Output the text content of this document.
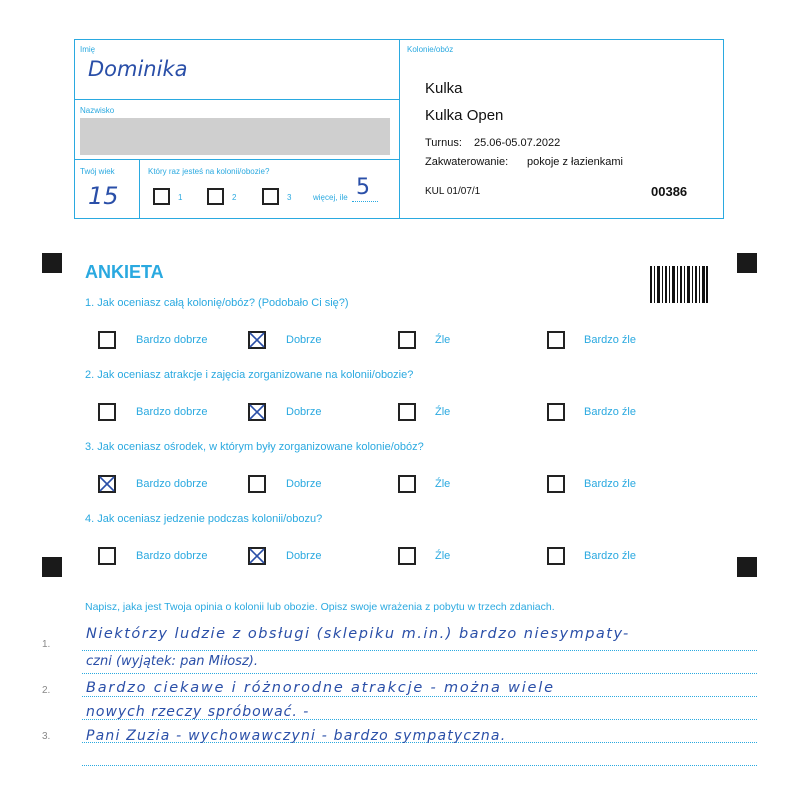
Imię
Dominika
Nazwisko
Twój wiek
15
Który raz jesteś na kolonii/obozie?
1	2	3	więcej, ile 5
Kolonie/obóz
Kulka
Kulka Open
Turnus: 25.06-05.07.2022
Zakwaterowanie: pokoje z łazienkami
KUL 01/07/1	00386
ANKIETA
1. Jak oceniasz całą kolonię/obóz? (Podobało Ci się?)
Bardzo dobrze	Dobrze	Źle	Bardzo źle
2. Jak oceniasz atrakcje i zajęcia zorganizowane na kolonii/obozie?
Bardzo dobrze	Dobrze	Źle	Bardzo źle
3. Jak oceniasz ośrodek, w którym były zorganizowane kolonie/obóz?
Bardzo dobrze	Dobrze	Źle	Bardzo źle
4. Jak oceniasz jedzenie podczas kolonii/obozu?
Bardzo dobrze	Dobrze	Źle	Bardzo źle
Napisz, jaka jest Twoja opinia o kolonii lub obozie. Opisz swoje wrażenia z pobytu w trzech zdaniach.
1.
2.
3.
Niektórzy ludzie z obsługi (sklepiku m.in.) bardzo niesympaty-
czni (wyjątek: pan Miłosz).
Bardzo ciekawe i różnorodne atrakcje - można wiele
nowych rzeczy spróbować. -
Pani Zuzia - wychowawczyni - bardzo sympatyczna.
